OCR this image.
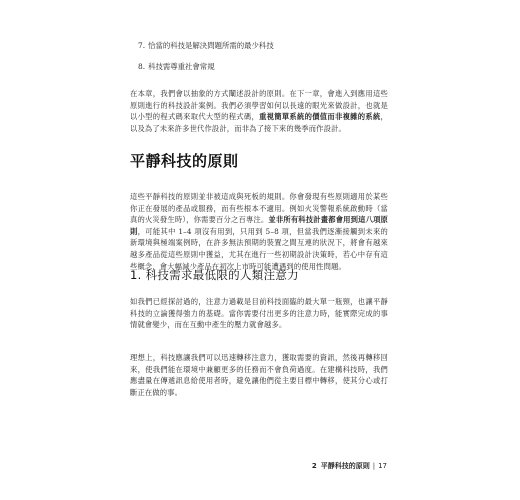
7. 恰當的科技是解決問題所需的最少科技
8. 科技需尊重社會常規

在本章，我們會以抽象的方式闡述設計的原則。在下一章，會進入到應用這些原則進行的科技設計案例。我們必須學習如何以長遠的眼光來做設計，也就是以小型的程式碼來取代大型的程式碼，重視簡單系統的價值而非複雜的系統，以及為了未來許多世代作設計，而非為了接下來的幾季而作設計。

平靜科技的原則

這些平靜科技的原則並非被這成與死板的規則。你會發現有些原則適用於某些你正在發展的產品或服務，而有些根本不適用。例如火災警報系統啟動時（當真的火災發生時），你需要百分之百專注。並非所有科技計畫都會用到這八項原則，可能其中 1–4 項沒有用到，只用到 5–8 項，但當我們逐漸接觸到未來的新環境與極端案例時，在許多無法預期的裝置之間互連的狀況下，將會有越來越多產品從這些原則中獲益，尤其在進行一些初期設計決策時，若心中存有這些概念，會大幅減少產品在初次上市時可能遭遇到的使用性問題。

1. 科技需求最低限的人類注意力

如我們已經探討過的，注意力過載是目前科技面臨的最大單一瓶頸，也讓平靜科技的立論獲得強力的基礎。當你需要付出更多的注意力時，能實際完成的事情就會變少，而在互動中產生的壓力就會越多。

理想上，科技應讓我們可以迅速轉移注意力，獲取需要的資訊，然後再轉移回來，使我們能在環境中兼顧更多的任務而不會負荷過度。在建構科技時，我們應盡量在傳遞訊息給使用者時，避免讓他們從主要目標中轉移，使其分心或打斷正在做的事。

2 平靜科技的原則 | 17
